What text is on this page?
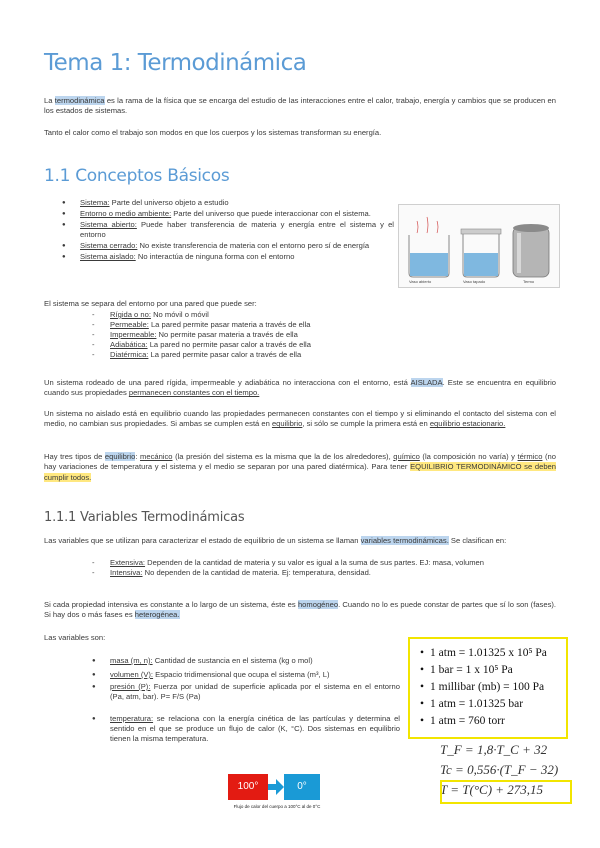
Tema 1: Termodinámica
La termodinámica es la rama de la física que se encarga del estudio de las interacciones entre el calor, trabajo, energía y cambios que se producen en los estados de sistemas.
Tanto el calor como el trabajo son modos en que los cuerpos y los sistemas transforman su energía.
1.1 Conceptos Básicos
● Sistema: Parte del universo objeto a estudio
● Entorno o medio ambiente: Parte del universo que puede interaccionar con el sistema.
● Sistema abierto: Puede haber transferencia de materia y energía entre el sistema y el entorno
● Sistema cerrado: No existe transferencia de materia con el entorno pero sí de energía
● Sistema aislado: No interactúa de ninguna forma con el entorno
Vaso abierto	Vaso tapado	Termo
El sistema se separa del entorno por una pared que puede ser:
- Rígida o no: No móvil o móvil
- Permeable: La pared permite pasar materia a través de ella
- Impermeable: No permite pasar materia a través de ella
- Adiabática: La pared no permite pasar calor a través de ella
- Diatérmica: La pared permite pasar calor a través de ella
Un sistema rodeado de una pared rígida, impermeable y adiabática no interacciona con el entorno, está AISLADA. Este se encuentra en equilibrio cuando sus propiedades permanecen constantes con el tiempo.
Un sistema no aislado está en equilibrio cuando las propiedades permanecen constantes con el tiempo y si eliminando el contacto del sistema con el medio, no cambian sus propiedades. Si ambas se cumplen está en equilibrio, si sólo se cumple la primera está en equilibrio estacionario.
Hay tres tipos de equilibrio: mecánico (la presión del sistema es la misma que la de los alrededores), químico (la composición no varía) y térmico (no hay variaciones de temperatura y el sistema y el medio se separan por una pared diatérmica). Para tener EQUILIBRIO TERMODINÁMICO se deben cumplir todos.
1.1.1 Variables Termodinámicas
Las variables que se utilizan para caracterizar el estado de equilibrio de un sistema se llaman variables termodinámicas. Se clasifican en:
- Extensiva: Dependen de la cantidad de materia y su valor es igual a la suma de sus partes. EJ: masa, volumen
- Intensiva: No dependen de la cantidad de materia. Ej: temperatura, densidad.
Si cada propiedad intensiva es constante a lo largo de un sistema, éste es homogéneo. Cuando no lo es puede constar de partes que sí lo son (fases). Si hay dos o más fases es heterogénea.
Las variables son:
● masa (m, n): Cantidad de sustancia en el sistema (kg o mol)
● volumen (V): Espacio tridimensional que ocupa el sistema (m³, L)
● presión (P): Fuerza por unidad de superficie aplicada por el sistema en el entorno (Pa, atm, bar). P= F/S (Pa)
● temperatura: se relaciona con la energía cinética de las partículas y determina el sentido en el que se produce un flujo de calor (K, °C). Dos sistemas en equilibrio tienen la misma temperatura.
• 1 atm = 1.01325 x 10⁵ Pa
• 1 bar = 1 x 10⁵ Pa
• 1 millibar (mb) = 100 Pa
• 1 atm = 1.01325 bar
• 1 atm = 760 torr
T_F = 1,8·T_C + 32
Tc = 0,556·(T_F − 32)
T = T(°C) + 273,15
100°	0°
Flujo de calor del cuerpo a 100°C al de 0°C
